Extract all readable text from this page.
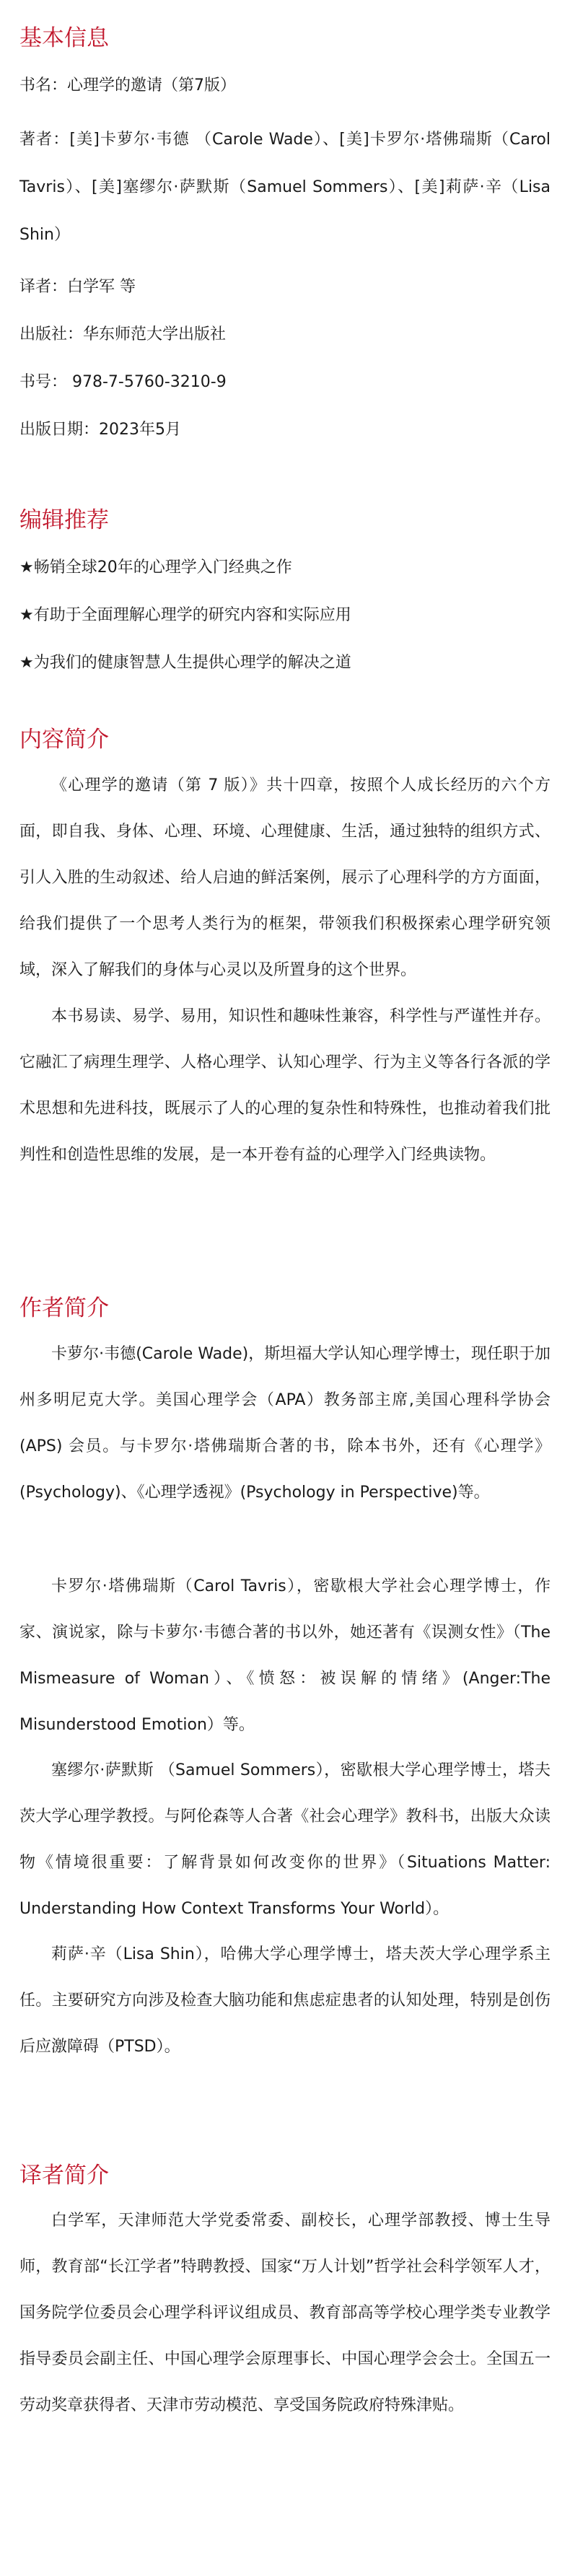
基本信息
书名：心理学的邀请（第7版）
著者：[美]卡萝尔·韦德 （Carole Wade）、[美]卡罗尔·塔佛瑞斯（Carol Tavris）、[美]塞缪尔·萨默斯（Samuel Sommers）、[美]莉萨·辛（Lisa Shin）
译者：白学军 等
出版社：华东师范大学出版社
书号： 978-7-5760-3210-9
出版日期：2023年5月
编辑推荐
★畅销全球20年的心理学入门经典之作
★有助于全面理解心理学的研究内容和实际应用
★为我们的健康智慧人生提供心理学的解决之道
内容简介
《心理学的邀请（第 7 版）》共十四章，按照个人成长经历的六个方面，即自我、身体、心理、环境、心理健康、生活，通过独特的组织方式、引人入胜的生动叙述、给人启迪的鲜活案例，展示了心理科学的方方面面，给我们提供了一个思考人类行为的框架，带领我们积极探索心理学研究领域，深入了解我们的身体与心灵以及所置身的这个世界。
本书易读、易学、易用，知识性和趣味性兼容，科学性与严谨性并存。它融汇了病理生理学、人格心理学、认知心理学、行为主义等各行各派的学术思想和先进科技，既展示了人的心理的复杂性和特殊性，也推动着我们批判性和创造性思维的发展，是一本开卷有益的心理学入门经典读物。
作者简介
卡萝尔·韦德(Carole Wade)，斯坦福大学认知心理学博士，现任职于加州多明尼克大学。美国心理学会（APA）教务部主席,美国心理科学协会 (APS) 会员。与卡罗尔·塔佛瑞斯合著的书，除本书外，还有《心理学》(Psychology)、《心理学透视》(Psychology in Perspective)等。
卡罗尔·塔佛瑞斯（Carol Tavris），密歇根大学社会心理学博士，作家、演说家，除与卡萝尔·韦德合著的书以外，她还著有《误测女性》（The Mismeasure of Woman）、《愤怒：被误解的情绪》(Anger:The Misunderstood Emotion）等。
塞缪尔·萨默斯 （Samuel Sommers），密歇根大学心理学博士，塔夫茨大学心理学教授。与阿伦森等人合著《社会心理学》教科书，出版大众读物《情境很重要：了解背景如何改变你的世界》（Situations Matter: Understanding How Context Transforms Your World）。
莉萨·辛（Lisa Shin），哈佛大学心理学博士，塔夫茨大学心理学系主任。主要研究方向涉及检查大脑功能和焦虑症患者的认知处理，特别是创伤后应激障碍（PTSD）。
译者简介
白学军，天津师范大学党委常委、副校长，心理学部教授、博士生导师，教育部“长江学者”特聘教授、国家“万人计划”哲学社会科学领军人才，国务院学位委员会心理学科评议组成员、教育部高等学校心理学类专业教学指导委员会副主任、中国心理学会原理事长、中国心理学会会士。全国五一劳动奖章获得者、天津市劳动模范、享受国务院政府特殊津贴。
